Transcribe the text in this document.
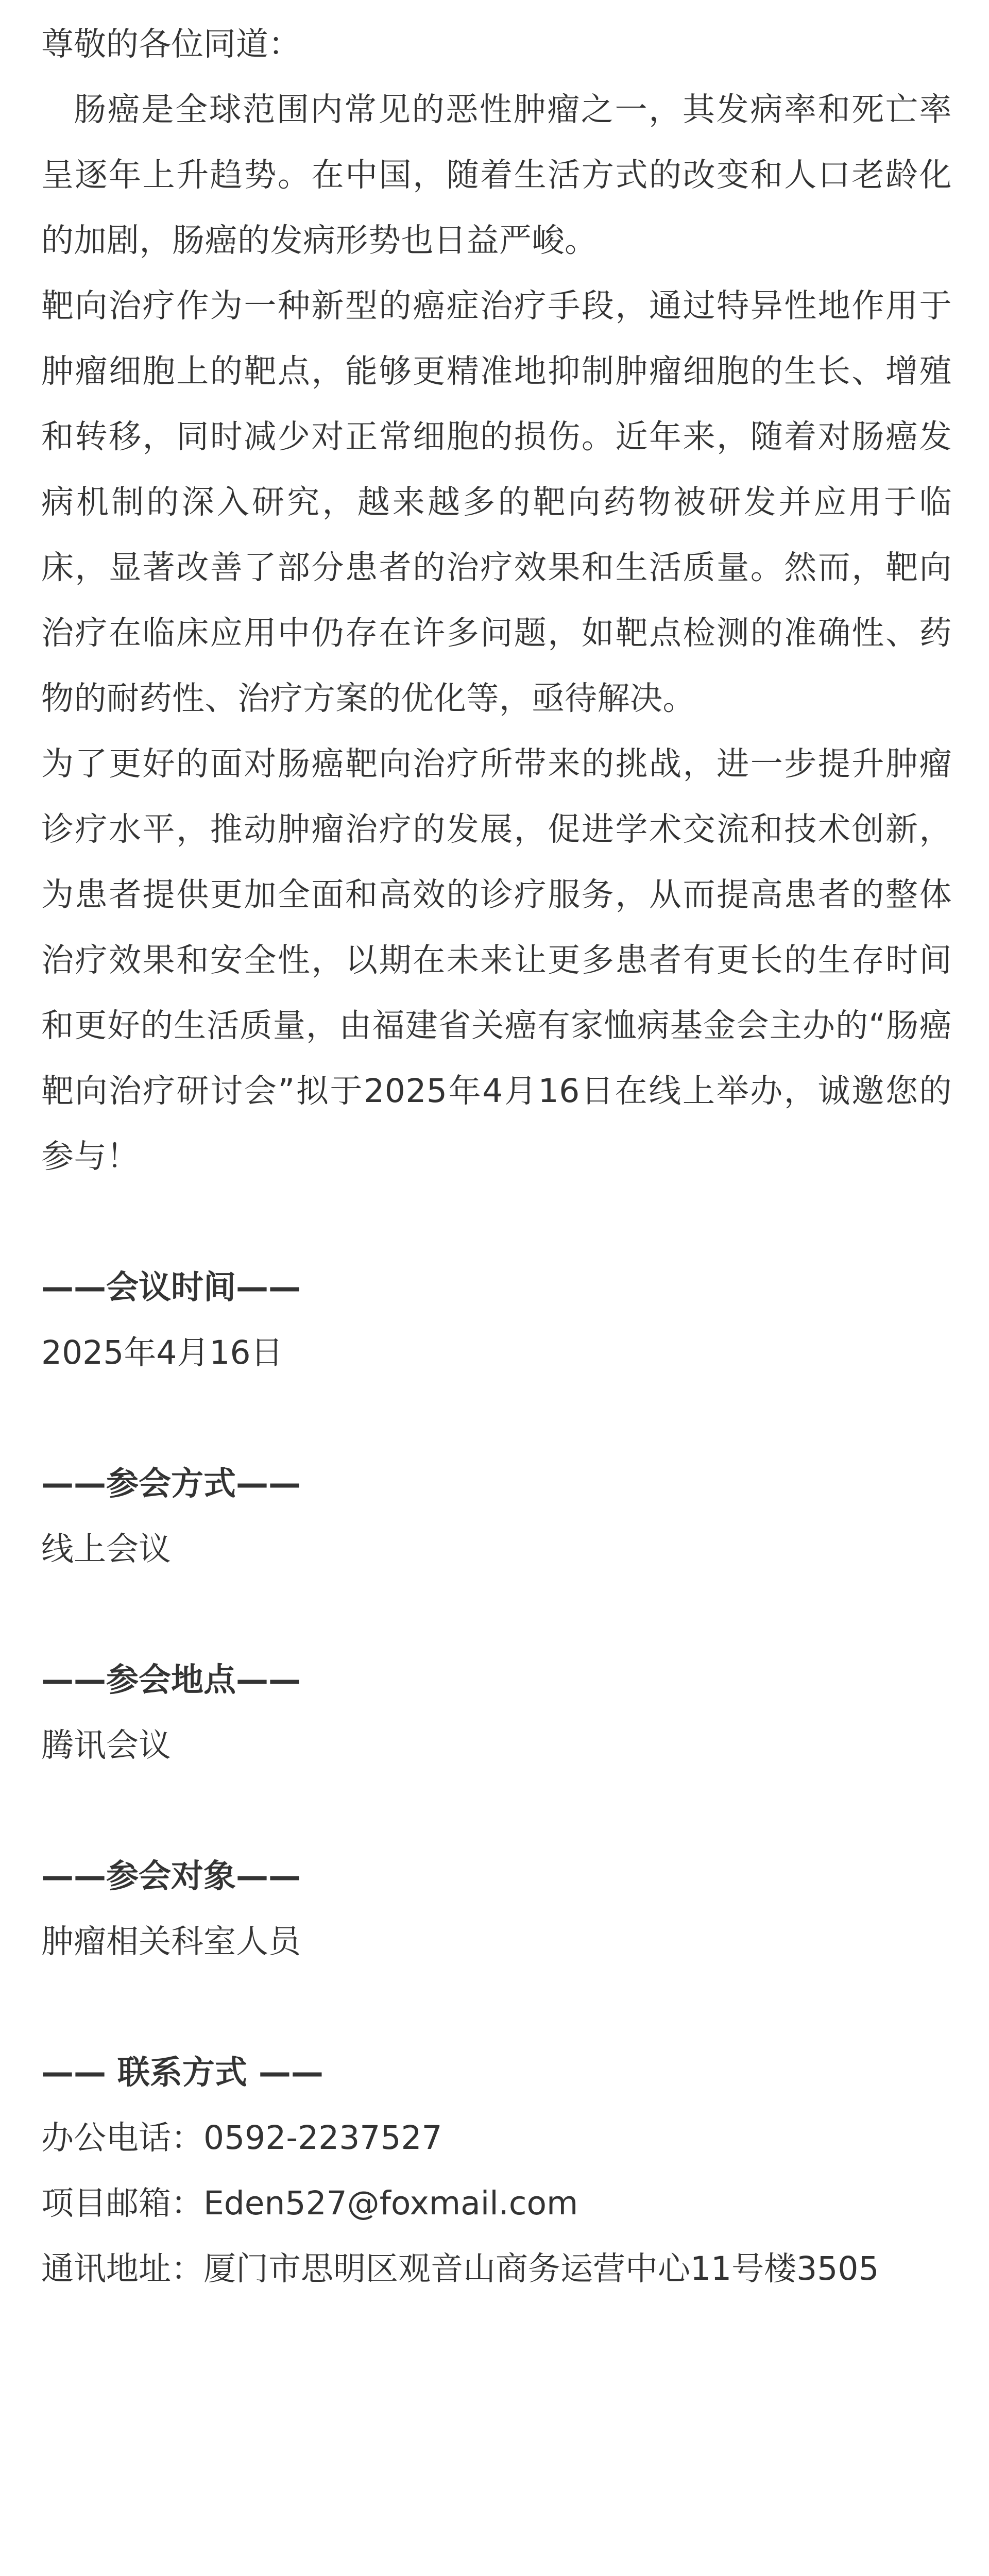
尊敬的各位同道：

肠癌是全球范围内常见的恶性肿瘤之一，其发病率和死亡率呈逐年上升趋势。在中国，随着生活方式的改变和人口老龄化的加剧，肠癌的发病形势也日益严峻。

靶向治疗作为一种新型的癌症治疗手段，通过特异性地作用于肿瘤细胞上的靶点，能够更精准地抑制肿瘤细胞的生长、增殖和转移，同时减少对正常细胞的损伤。近年来，随着对肠癌发病机制的深入研究，越来越多的靶向药物被研发并应用于临床，显著改善了部分患者的治疗效果和生活质量。然而，靶向治疗在临床应用中仍存在许多问题，如靶点检测的准确性、药物的耐药性、治疗方案的优化等，亟待解决。

为了更好的面对肠癌靶向治疗所带来的挑战，进一步提升肿瘤诊疗水平，推动肿瘤治疗的发展，促进学术交流和技术创新，为患者提供更加全面和高效的诊疗服务，从而提高患者的整体治疗效果和安全性，以期在未来让更多患者有更长的生存时间和更好的生活质量，由福建省关癌有家恤病基金会主办的“肠癌靶向治疗研讨会”拟于2025年4月16日在线上举办，诚邀您的参与！

——会议时间——

2025年4月16日

——参会方式——

线上会议

——参会地点——

腾讯会议

——参会对象——

肿瘤相关科室人员

—— 联系方式 ——

办公电话：0592-2237527

项目邮箱：Eden527@foxmail.com

通讯地址：厦门市思明区观音山商务运营中心11号楼3505
